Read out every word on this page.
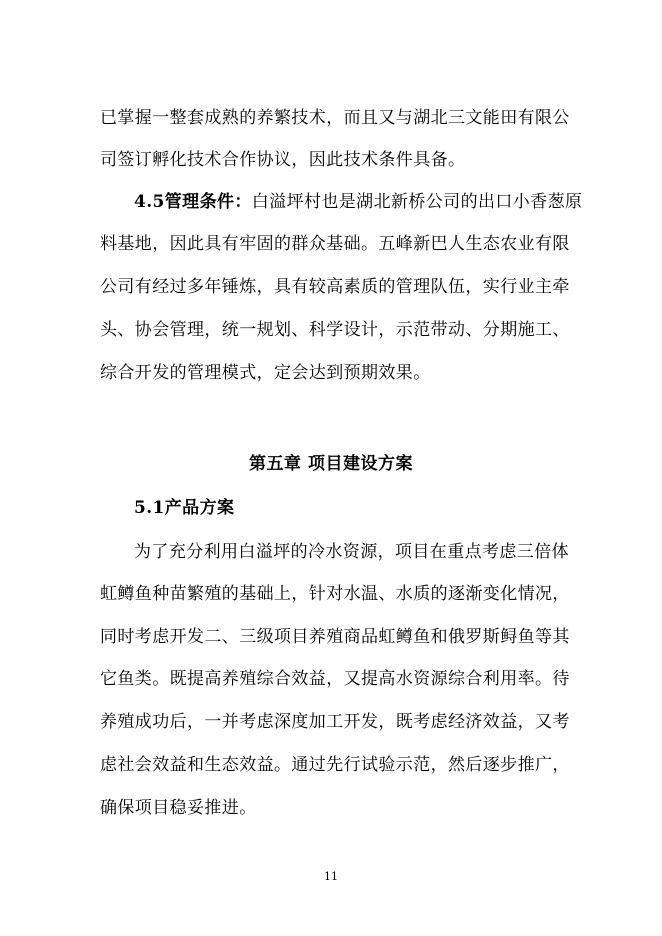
已掌握一整套成熟的养繁技术，而且又与湖北三文能田有限公
司签订孵化技术合作协议，因此技术条件具备。
4.5管理条件：白溢坪村也是湖北新桥公司的出口小香葱原
料基地，因此具有牢固的群众基础。五峰新巴人生态农业有限
公司有经过多年锤炼，具有较高素质的管理队伍，实行业主牵
头、协会管理，统一规划、科学设计，示范带动、分期施工、
综合开发的管理模式，定会达到预期效果。
第五章 项目建设方案
5.1产品方案
为了充分利用白溢坪的冷水资源，项目在重点考虑三倍体
虹鳟鱼种苗繁殖的基础上，针对水温、水质的逐渐变化情况，
同时考虑开发二、三级项目养殖商品虹鳟鱼和俄罗斯鲟鱼等其
它鱼类。既提高养殖综合效益，又提高水资源综合利用率。待
养殖成功后，一并考虑深度加工开发，既考虑经济效益，又考
虑社会效益和生态效益。通过先行试验示范，然后逐步推广，
确保项目稳妥推进。
11
